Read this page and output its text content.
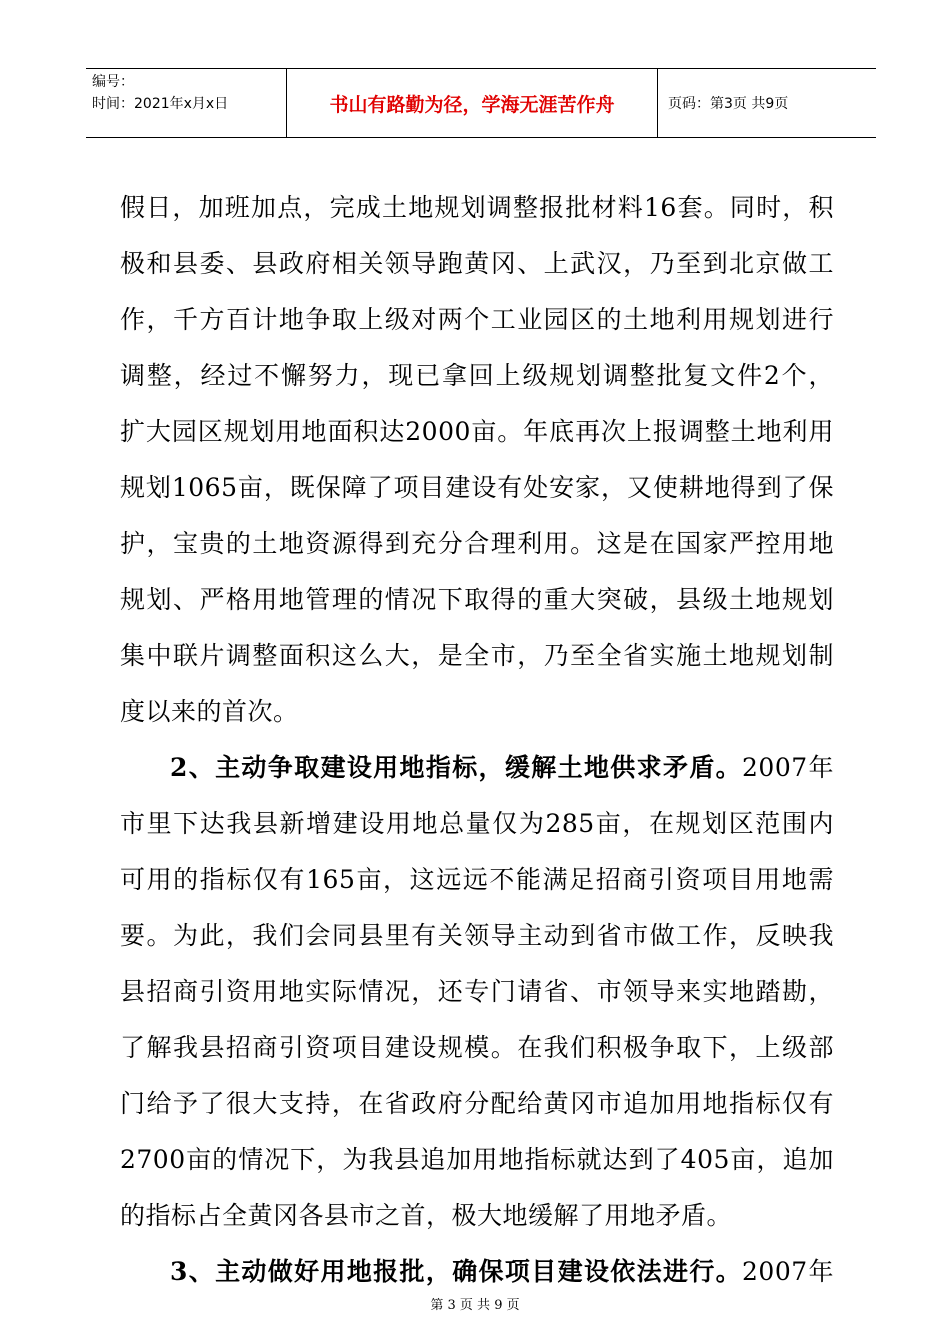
编号：
时间：2021年x月x日	书山有路勤为径，学海无涯苦作舟	页码：第3页 共9页
假日，加班加点，完成土地规划调整报批材料16套。同时，积
极和县委、县政府相关领导跑黄冈、上武汉，乃至到北京做工
作，千方百计地争取上级对两个工业园区的土地利用规划进行
调整，经过不懈努力，现已拿回上级规划调整批复文件2个，
扩大园区规划用地面积达2000亩。年底再次上报调整土地利用
规划1065亩，既保障了项目建设有处安家，又使耕地得到了保
护，宝贵的土地资源得到充分合理利用。这是在国家严控用地
规划、严格用地管理的情况下取得的重大突破，县级土地规划
集中联片调整面积这么大，是全市，乃至全省实施土地规划制
度以来的首次。
2、主动争取建设用地指标，缓解土地供求矛盾。2007年
市里下达我县新增建设用地总量仅为285亩，在规划区范围内
可用的指标仅有165亩，这远远不能满足招商引资项目用地需
要。为此，我们会同县里有关领导主动到省市做工作，反映我
县招商引资用地实际情况，还专门请省、市领导来实地踏勘，
了解我县招商引资项目建设规模。在我们积极争取下，上级部
门给予了很大支持，在省政府分配给黄冈市追加用地指标仅有
2700亩的情况下，为我县追加用地指标就达到了405亩，追加
的指标占全黄冈各县市之首，极大地缓解了用地矛盾。
3、主动做好用地报批，确保项目建设依法进行。2007年
第 3 页 共 9 页
